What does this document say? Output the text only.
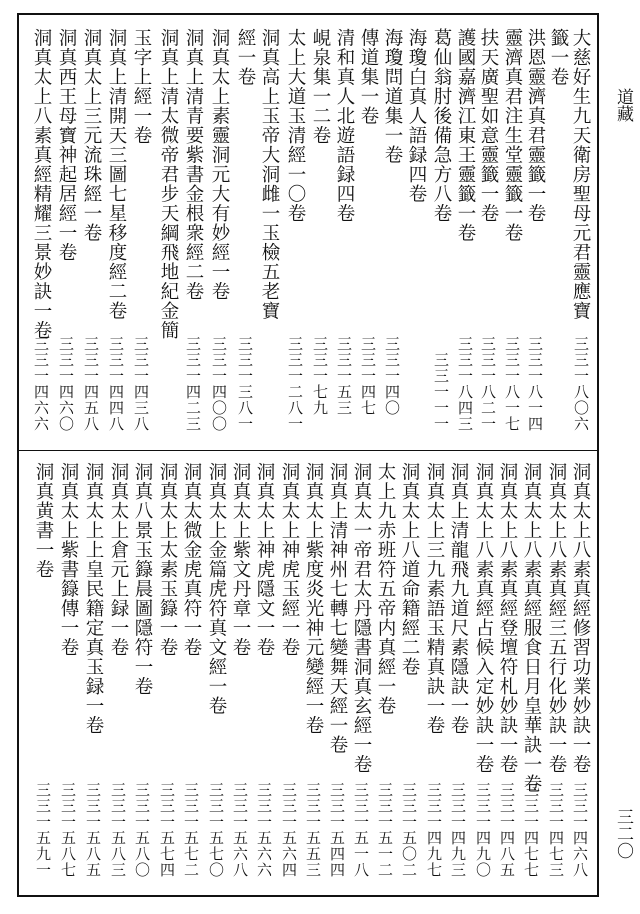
道藏
三二〇
大慈好生九天衛房聖母元君靈應寶
籤一卷
洪恩靈濟真君靈籤一卷
靈濟真君注生堂靈籤一卷
扶天廣聖如意靈籤一卷
護國嘉濟江東王靈籤一卷
葛仙翁肘後備急方八卷
海瓊白真人語録四卷
海瓊問道集一卷
傳道集一卷
清和真人北遊語録四卷
峴泉集一二卷
太上大道玉清經一〇卷
洞真高上玉帝大洞雌一玉檢五老寶
經一卷
洞真太上素靈洞元大有妙經一卷
洞真上清青要紫書金根衆經二卷
洞真上清太微帝君步天綱飛地紀金簡
玉字上經一卷
洞真上清開天三圖七星移度經二卷
洞真太上三元流珠經一卷
洞真西王母寶神起居經一卷
洞真太上八素真經精耀三景妙訣一卷
三三一八〇六
三三一八一四
三三一八一七
三三一八二一
三三一八四三
三三一一一
三三一四〇
三三一四七
三三一五三
三三一七九
三三一二八一
三三一三八一
三三一四〇〇
三三一四二三
三三一四三八
三三一四四八
三三一四五八
三三一四六〇
三三一四六六
洞真太上八素真經修習功業妙訣一卷
洞真太上八素真經三五行化妙訣一卷
洞真太上八素真經服食日月皇華訣一卷
洞真太上八素真經登壇符札妙訣一卷
洞真太上八素真經占候入定妙訣一卷
洞真上清龍飛九道尺素隱訣一卷
洞真太上三九素語玉精真訣一卷
洞真太上八道命籍經二卷
太上九赤班符五帝内真經一卷
洞真太一帝君太丹隱書洞真玄經一卷
洞真上清神州七轉七變舞天經一卷
洞真太上紫度炎光神元變經一卷
洞真太上神虎玉經一卷
洞真太上神虎隱文一卷
洞真太上紫文丹章一卷
洞真太上金篇虎符真文經一卷
洞真太微金虎真符一卷
洞真太上太素玉籙一卷
洞真八景玉籙晨圖隱符一卷
洞真太上倉元上録一卷
洞真太上上皇民籍定真玉録一卷
洞真太上紫書籙傳一卷
洞真黄書一卷
三三一四六八
三三一四七三
三三一四七七
三三一四八五
三三一四九〇
三三一四九三
三三一四九七
三三一五〇二
三三一五一二
三三一五一八
三三一五四四
三三一五五三
三三一五六四
三三一五六六
三三一五六八
三三一五七〇
三三一五七二
三三一五七四
三三一五八〇
三三一五八三
三三一五八五
三三一五八七
三三一五九一
